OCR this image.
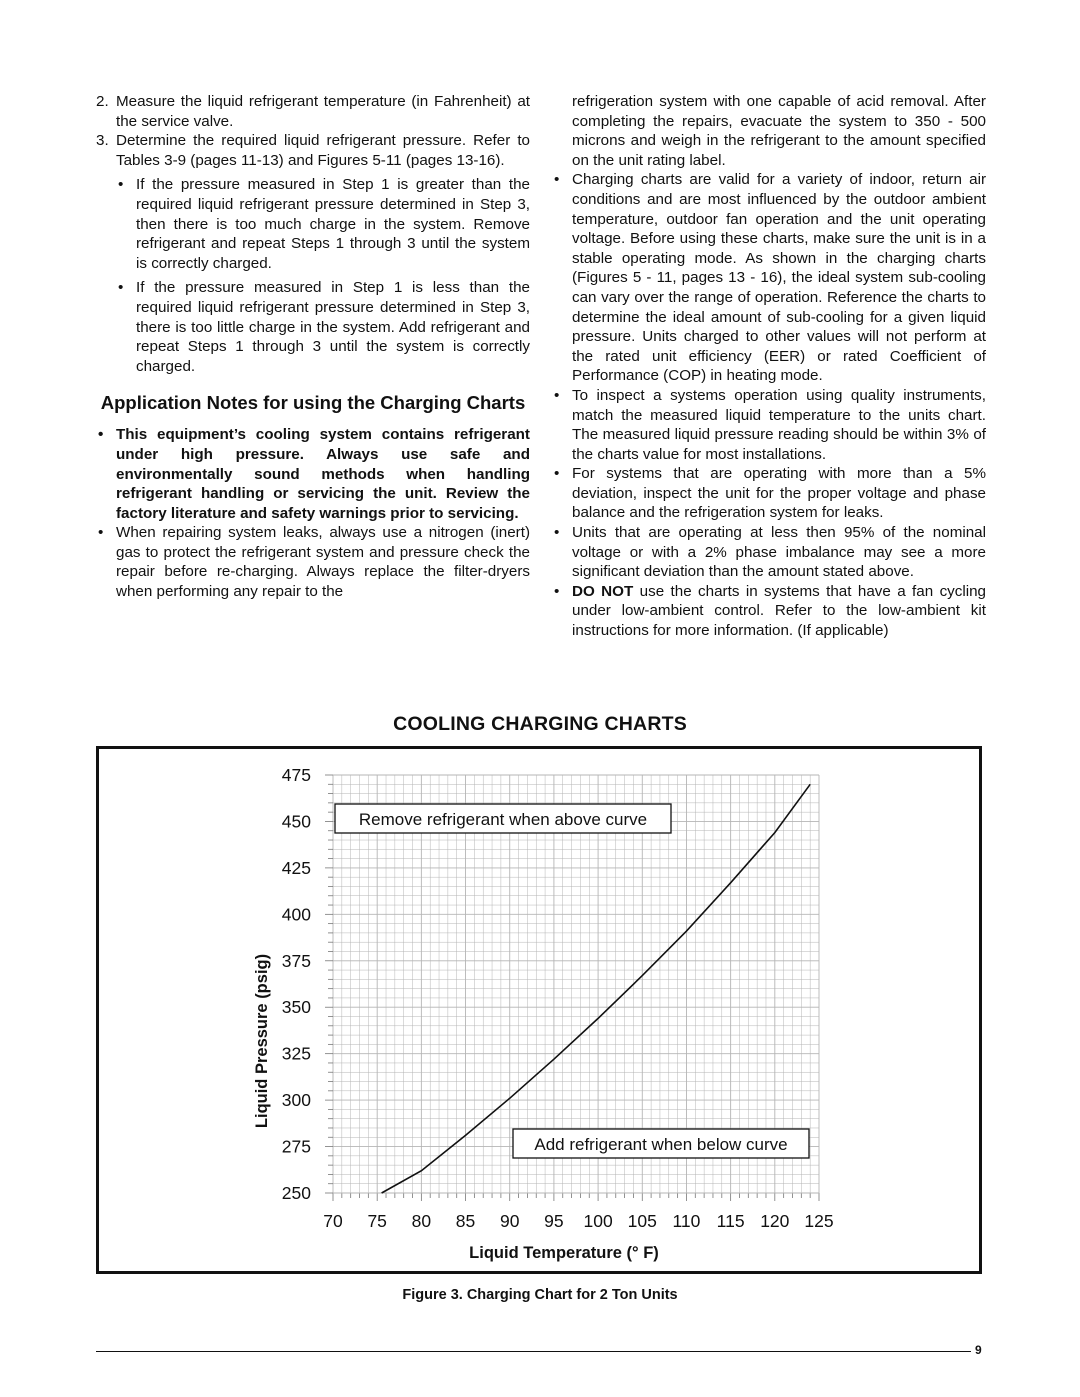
2. Measure the liquid refrigerant temperature (in Fahrenheit) at the service valve.
3. Determine the required liquid refrigerant pressure. Refer to Tables 3-9 (pages 11-13) and Figures 5-11 (pages 13-16).
• If the pressure measured in Step 1 is greater than the required liquid refrigerant pressure determined in Step 3, then there is too much charge in the system. Remove refrigerant and repeat Steps 1 through 3 until the system is correctly charged.
• If the pressure measured in Step 1 is less than the required liquid refrigerant pressure determined in Step 3, there is too little charge in the system. Add refrigerant and repeat Steps 1 through 3 until the system is correctly charged.
Application Notes for using the Charging Charts
• This equipment’s cooling system contains refrigerant under high pressure. Always use safe and environmentally sound methods when handling refrigerant handling or servicing the unit. Review the factory literature and safety warnings prior to servicing.
• When repairing system leaks, always use a nitrogen (inert) gas to protect the refrigerant system and pressure check the repair before re-charging. Always replace the filter-dryers when performing any repair to the
refrigeration system with one capable of acid removal. After completing the repairs, evacuate the system to 350 - 500 microns and weigh in the refrigerant to the amount specified on the unit rating label.
• Charging charts are valid for a variety of indoor, return air conditions and are most influenced by the outdoor ambient temperature, outdoor fan operation and the unit operating voltage. Before using these charts, make sure the unit is in a stable operating mode. As shown in the charging charts (Figures 5 - 11, pages 13 - 16), the ideal system sub-cooling can vary over the range of operation. Reference the charts to determine the ideal amount of sub-cooling for a given liquid pressure. Units charged to other values will not perform at the rated unit efficiency (EER) or rated Coefficient of Performance (COP) in heating mode.
• To inspect a systems operation using quality instruments, match the measured liquid temperature to the units chart. The measured liquid pressure reading should be within 3% of the charts value for most installations.
• For systems that are operating with more than a 5% deviation, inspect the unit for the proper voltage and phase balance and the refrigeration system for leaks.
• Units that are operating at less then 95% of the nominal voltage or with a 2% phase imbalance may see a more significant deviation than the amount stated above.
• DO NOT use the charts in systems that have a fan cycling under low-ambient control. Refer to the low-ambient kit instructions for more information. (If applicable)
COOLING CHARGING CHARTS
250
275
300
325
350
375
400
425
450
475
70 75 80 85 90 95 100 105 110 115 120 125
Remove refrigerant when above curve
Add refrigerant when below curve
Liquid Pressure (psig)
Liquid Temperature (° F)
Figure 3. Charging Chart for 2 Ton Units
9
